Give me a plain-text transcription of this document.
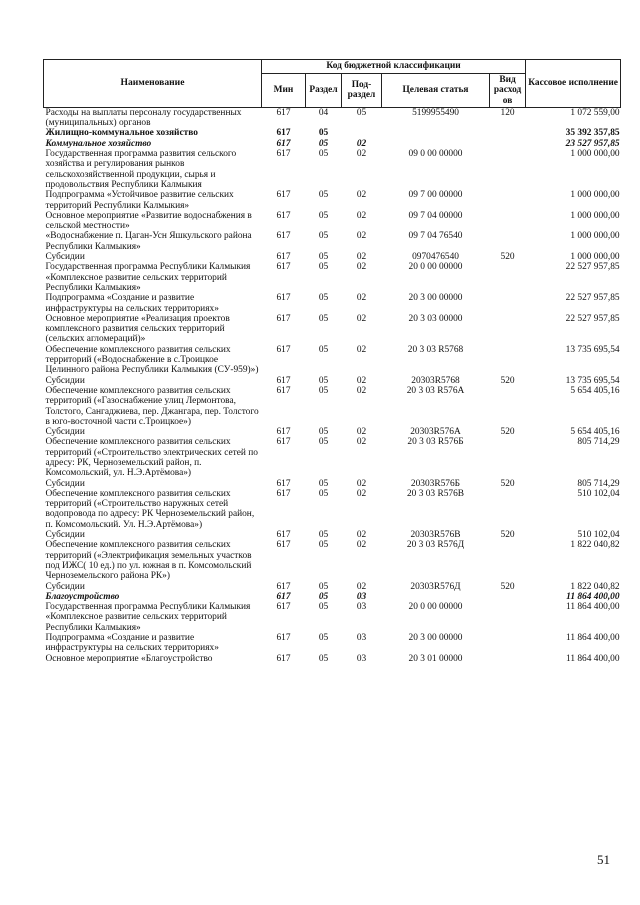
Наименование	Код бюджетной классификации					Кассовое исполнение
	Мин	Раздел	Под-раздел	Целевая статья	Вид расход ов	
Расходы на выплаты персоналу государственных (муниципальных) органов	617	04	05	5199955490	120	1 072 559,00
Жилищно-коммунальное хозяйство	617	05				35 392 357,85
Коммунальное хозяйство	617	05	02			23 527 957,85
Государственная программа развития сельского хозяйства и регулирования рынков сельскохозяйственной продукции, сырья и продовольствия Республики Калмыкия	617	05	02	09 0 00 00000		1 000 000,00
Подпрограмма «Устойчивое развитие сельских территорий Республики Калмыкия»	617	05	02	09 7 00 00000		1 000 000,00
Основное мероприятие «Развитие водоснабжения в сельской местности»	617	05	02	09 7 04 00000		1 000 000,00
«Водоснабжение п. Цаган-Усн Яшкульского района Республики Калмыкия»	617	05	02	09 7 04 76540		1 000 000,00
Субсидии	617	05	02	0970476540	520	1 000 000,00
Государственная программа Республики Калмыкия «Комплексное развитие сельских территорий Республики Калмыкия»	617	05	02	20 0 00 00000		22 527 957,85
Подпрограмма «Создание и развитие инфраструктуры на сельских территориях»	617	05	02	20 3 00 00000		22 527 957,85
Основное мероприятие «Реализация проектов комплексного развития сельских территорий (сельских агломераций)»	617	05	02	20 3 03 00000		22 527 957,85
Обеспечение комплексного развития сельских территорий («Водоснабжение в с.Троицкое Целинного района Республики Калмыкия (СУ-959)»)	617	05	02	20 3 03 R5768		13 735 695,54
Субсидии	617	05	02	20303R5768	520	13 735 695,54
Обеспечение комплексного развития сельских территорий («Газоснабжение улиц Лермонтова, Толстого, Сангаджиева, пер. Джангара, пер. Толстого в юго-восточной части с.Троицкое»)	617	05	02	20 3 03 R576A		5 654 405,16
Субсидии	617	05	02	20303R576A	520	5 654 405,16
Обеспечение комплексного развития сельских территорий («Строительство электрических сетей по адресу: РК, Черноземельский район, п. Комсомольский, ул. Н.Э.Артёмова»)	617	05	02	20 3 03 R576Б		805 714,29
Субсидии	617	05	02	20303R576Б	520	805 714,29
Обеспечение комплексного развития сельских территорий («Строительство наружных сетей водопровода по адресу: РК Черноземельский район, п. Комсомольский. Ул. Н.Э.Артёмова»)	617	05	02	20 3 03 R576В		510 102,04
Субсидии	617	05	02	20303R576В	520	510 102,04
Обеспечение комплексного развития сельских территорий («Электрификация земельных участков под ИЖС( 10 ед.) по ул. южная в п. Комсомольский Черноземельского района РК»)	617	05	02	20 3 03 R576Д		1 822 040,82
Субсидии	617	05	02	20303R576Д	520	1 822 040,82
Благоустройство	617	05	03			11 864 400,00
Государственная программа Республики Калмыкия «Комплексное развитие сельских территорий Республики Калмыкия»	617	05	03	20 0 00 00000		11 864 400,00
Подпрограмма «Создание и развитие инфраструктуры на сельских территориях»	617	05	03	20 3 00 00000		11 864 400,00
Основное мероприятие «Благоустройство	617	05	03	20 3 01 00000		11 864 400,00
51
